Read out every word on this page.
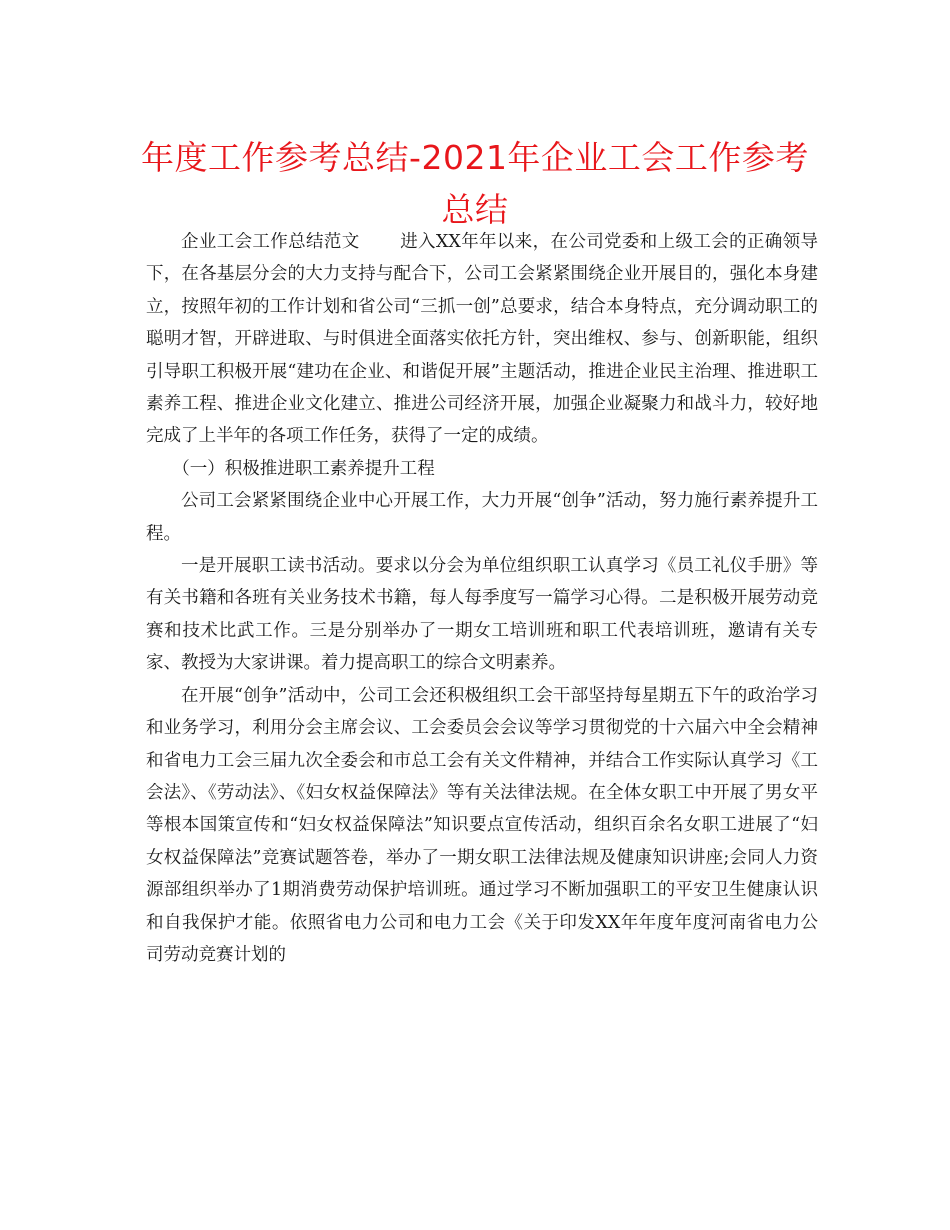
年度工作参考总结-2021年企业工会工作参考总结

企业工会工作总结范文 进入XX年年以来，在公司党委和上级工会的正确领导下，在各基层分会的大力支持与配合下，公司工会紧紧围绕企业开展目的，强化本身建立，按照年初的工作计划和省公司“三抓一创”总要求，结合本身特点，充分调动职工的聪明才智，开辟进取、与时俱进全面落实依托方针，突出维权、参与、创新职能，组织引导职工积极开展“建功在企业、和谐促开展”主题活动，推进企业民主治理、推进职工素养工程、推进企业文化建立、推进公司经济开展，加强企业凝聚力和战斗力，较好地完成了上半年的各项工作任务，获得了一定的成绩。

（一）积极推进职工素养提升工程

公司工会紧紧围绕企业中心开展工作，大力开展“创争”活动，努力施行素养提升工程。

一是开展职工读书活动。要求以分会为单位组织职工认真学习《员工礼仪手册》等有关书籍和各班有关业务技术书籍，每人每季度写一篇学习心得。二是积极开展劳动竞赛和技术比武工作。三是分别举办了一期女工培训班和职工代表培训班，邀请有关专家、教授为大家讲课。着力提高职工的综合文明素养。

在开展“创争”活动中，公司工会还积极组织工会干部坚持每星期五下午的政治学习和业务学习，利用分会主席会议、工会委员会会议等学习贯彻党的十六届六中全会精神和省电力工会三届九次全委会和市总工会有关文件精神，并结合工作实际认真学习《工会法》、《劳动法》、《妇女权益保障法》等有关法律法规。在全体女职工中开展了男女平等根本国策宣传和“妇女权益保障法”知识要点宣传活动，组织百余名女职工进展了“妇女权益保障法”竞赛试题答卷，举办了一期女职工法律法规及健康知识讲座;会同人力资源部组织举办了1期消费劳动保护培训班。通过学习不断加强职工的平安卫生健康认识和自我保护才能。依照省电力公司和电力工会《关于印发XX年年度年度河南省电力公司劳动竞赛计划的
